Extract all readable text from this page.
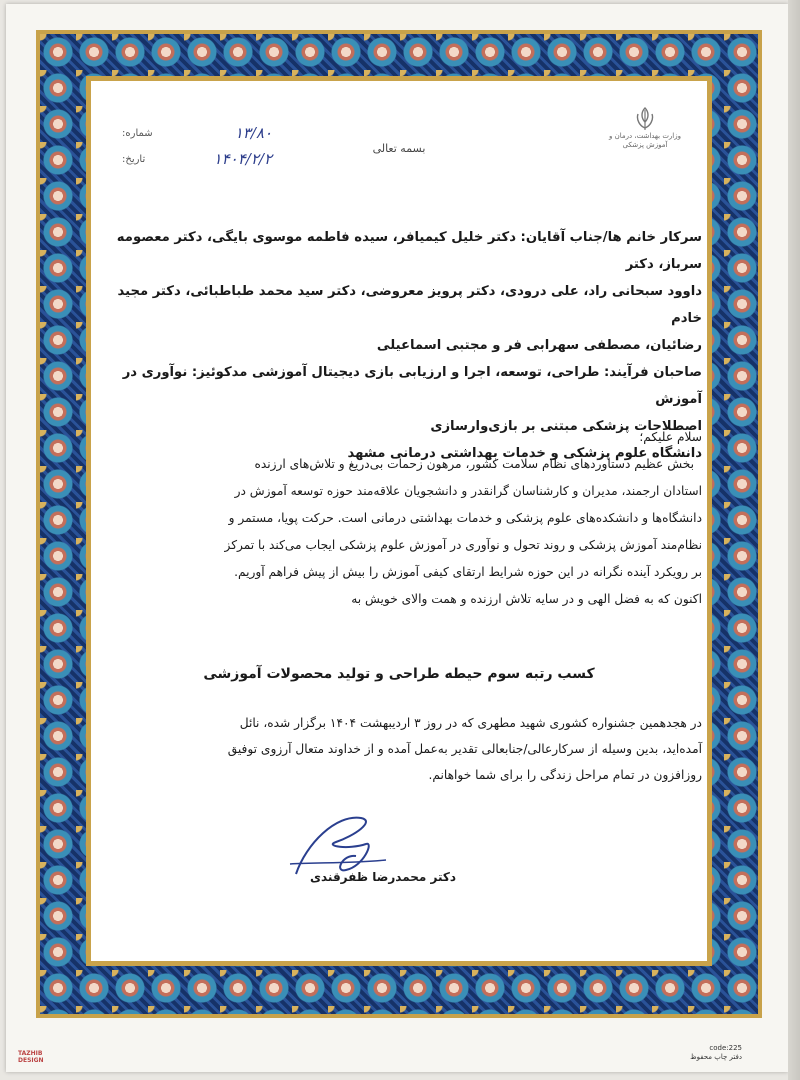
وزارت بهداشت، درمان و آموزش پزشکی
بسمه تعالی
۱۳/۸۰
شماره:
۱۴۰۴/۲/۲
تاریخ:

سرکار خانم ها/جناب آقایان: دکتر خلیل کیمیافر، سیده فاطمه موسوی بایگی، دکتر معصومه سرباز، دکتر

داوود سبحانی راد، علی درودی، دکتر پرویز معروضی، دکتر سید محمد طباطبائی، دکتر مجید خادم

رضائیان، مصطفی سهرابی فر و مجتبی اسماعیلی

صاحبان فرآیند: طراحی، توسعه، اجرا و ارزیابی بازی دیجیتال آموزشی مدکوئیز: نوآوری در آموزش

اصطلاحات پزشکی مبتنی بر بازی‌وارسازی

دانشگاه علوم پزشکی و خدمات بهداشتی درمانی مشهد

سلام علیکم؛

بخش عظیم دستاوردهای نظام سلامت کشور، مرهون زحمات بی‌دریغ و تلاش‌های ارزنده

استادان ارجمند، مدیران و کارشناسان گرانقدر و دانشجویان علاقه‌مند حوزه توسعه آموزش در

دانشگاه‌ها و دانشکده‌های علوم پزشکی و خدمات بهداشتی درمانی است. حرکت پویا، مستمر و

نظام‌مند آموزش پزشکی و روند تحول و نوآوری در آموزش علوم پزشکی ایجاب می‌کند با تمرکز

بر رویکرد آینده نگرانه در این حوزه شرایط ارتقای کیفی آموزش را بیش از پیش فراهم آوریم.

اکنون که به فضل الهی و در سایه تلاش ارزنده و همت والای خویش به

کسب رتبه سوم حیطه طراحی و تولید محصولات آموزشی

در هجدهمین جشنواره کشوری شهید مطهری که در روز ۳ اردیبهشت ۱۴۰۴ برگزار شده، نائل

آمده‌اید، بدین وسیله از سرکارعالی/جنابعالی تقدیر به‌عمل آمده و از خداوند متعال آرزوی توفیق

روزافزون در تمام مراحل زندگی را برای شما خواهانم.

دکتر محمدرضا ظفرقندی
TAZHIB
DESIGN
code:225
دفتر چاپ محفوظ
